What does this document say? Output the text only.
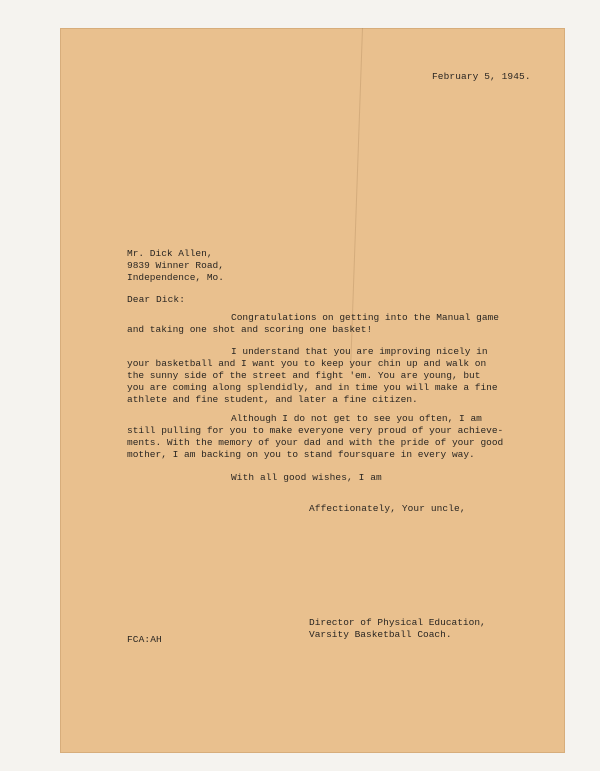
February 5, 1945.
Mr. Dick Allen,
9839 Winner Road,
Independence, Mo.
Dear Dick:
Congratulations on getting into the Manual game
and taking one shot and scoring one basket!
I understand that you are improving nicely in
your basketball and I want you to keep your chin up and walk on
the sunny side of the street and fight 'em. You are young, but
you are coming along splendidly, and in time you will make a fine
athlete and fine student, and later a fine citizen.
Although I do not get to see you often, I am
still pulling for you to make everyone very proud of your achieve-
ments. With the memory of your dad and with the pride of your good
mother, I am backing on you to stand foursquare in every way.
With all good wishes, I am
Affectionately, Your uncle,
Director of Physical Education,
Varsity Basketball Coach.
FCA:AH
